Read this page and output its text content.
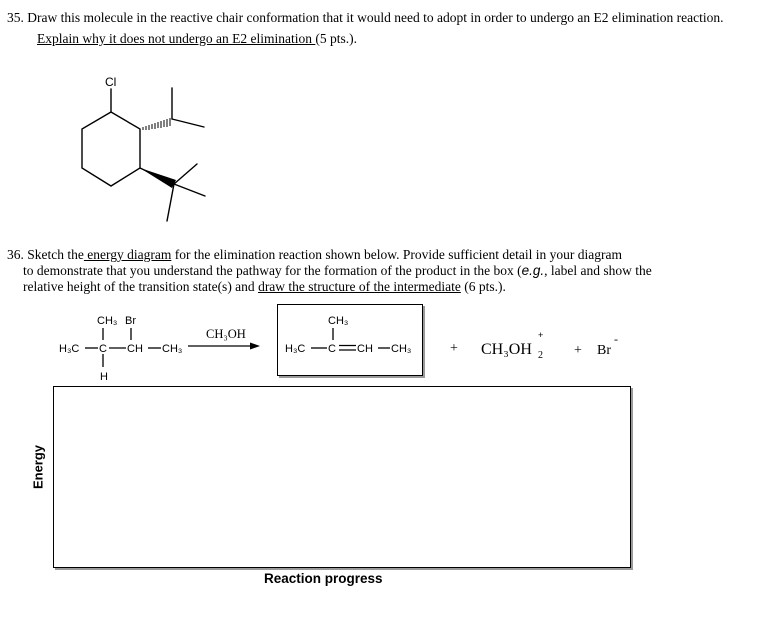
35. Draw this molecule in the reactive chair conformation that it would need to adopt in order to undergo an E2 elimination reaction.
Explain why it does not undergo an E2 elimination (5 pts.).
Cl
36. Sketch the energy diagram for the elimination reaction shown below. Provide sufficient detail in your diagram
to demonstrate that you understand the pathway for the formation of the product in the box (e.g., label and show the
relative height of the transition state(s) and draw the structure of the intermediate (6 pts.).
CH₃ Br
H₃C C CH CH₃
H
CH₃OH
CH₃
H₃C C CH CH₃	+ CH₃OH 2
+
+ Br
-
Energy
Reaction progress
